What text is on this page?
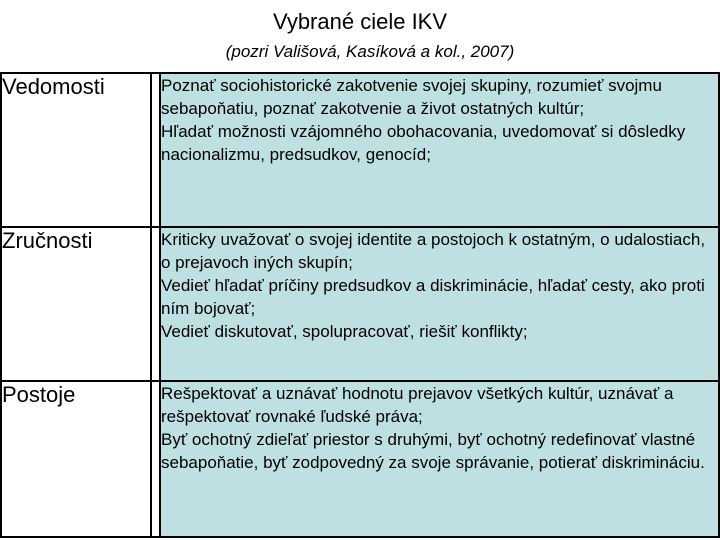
Vybrané ciele IKV
(pozri Vališová, Kasíková a kol., 2007)
Vedomosti		Poznať sociohistorické zakotvenie svojej skupiny, rozumieť svojmu sebapoňatiu, poznať zakotvenie a život ostatných kultúr;

Hľadať možnosti vzájomného obohacovania, uvedomovať si dôsledky nacionalizmu, predsudkov, genocíd;

Zručnosti		Kriticky uvažovať o svojej identite a postojoch k ostatným, o udalostiach, o prejavoch iných skupín;

Vedieť hľadať príčiny predsudkov a diskriminácie, hľadať cesty, ako proti ním bojovať;

Vedieť diskutovať, spolupracovať, riešiť konflikty;

Postoje		Rešpektovať a uznávať hodnotu prejavov všetkých kultúr, uznávať a rešpektovať rovnaké ľudské práva;

Byť ochotný zdieľať priestor s druhými, byť ochotný redefinovať vlastné sebapoňatie, byť zodpovedný za svoje správanie, potierať diskrimináciu.
